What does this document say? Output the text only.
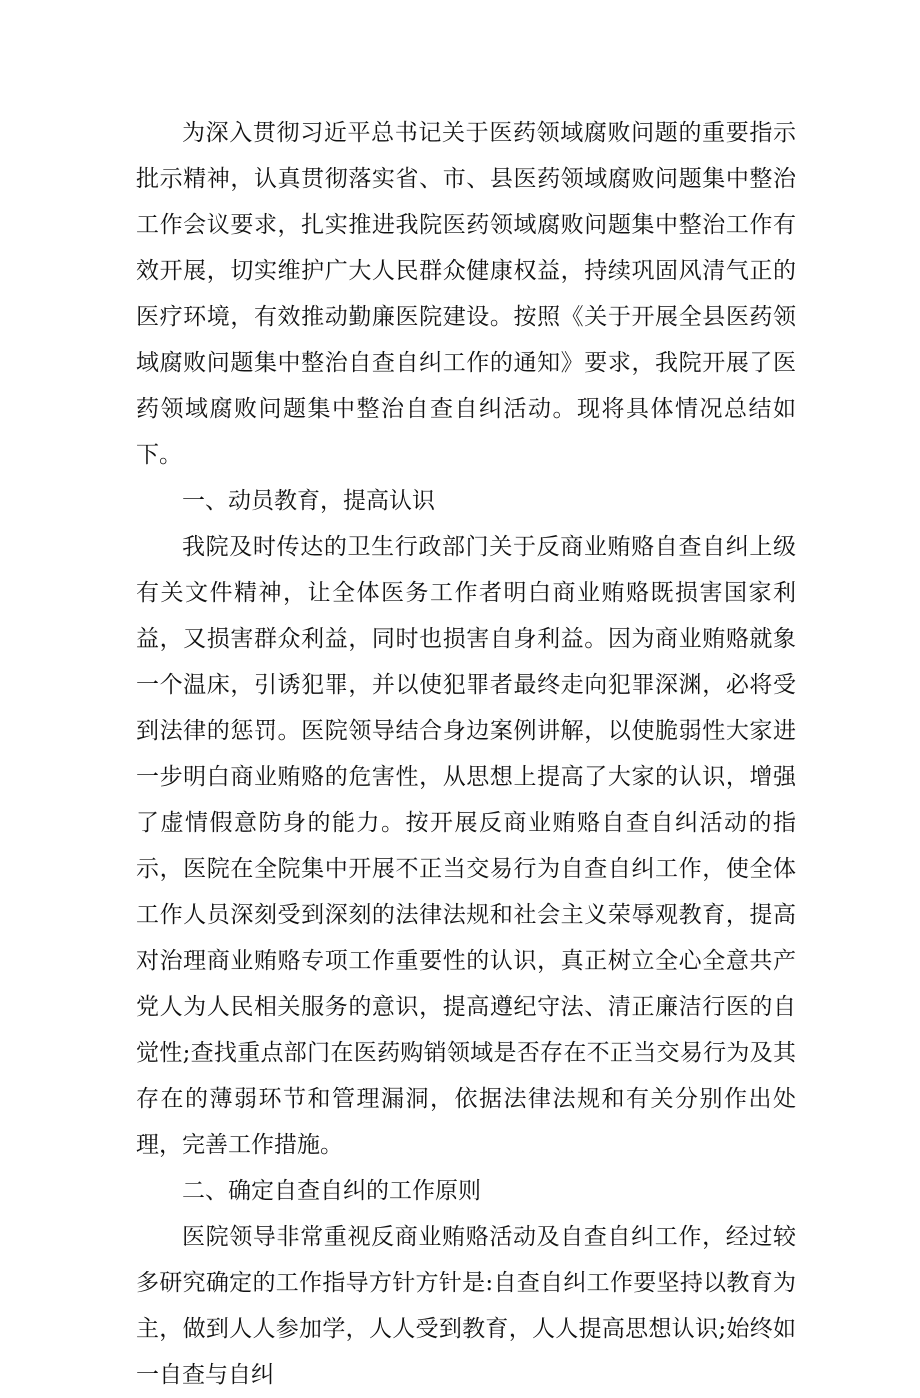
为深入贯彻习近平总书记关于医药领域腐败问题的重要指示批示精神，认真贯彻落实省、市、县医药领域腐败问题集中整治工作会议要求，扎实推进我院医药领域腐败问题集中整治工作有效开展，切实维护广大人民群众健康权益，持续巩固风清气正的医疗环境，有效推动勤廉医院建设。按照《关于开展全县医药领域腐败问题集中整治自查自纠工作的通知》要求，我院开展了医药领域腐败问题集中整治自查自纠活动。现将具体情况总结如下。

一、动员教育，提高认识

我院及时传达的卫生行政部门关于反商业贿赂自查自纠上级有关文件精神，让全体医务工作者明白商业贿赂既损害国家利益，又损害群众利益，同时也损害自身利益。因为商业贿赂就象一个温床，引诱犯罪，并以使犯罪者最终走向犯罪深渊，必将受到法律的惩罚。医院领导结合身边案例讲解，以使脆弱性大家进一步明白商业贿赂的危害性，从思想上提高了大家的认识，增强了虚情假意防身的能力。按开展反商业贿赂自查自纠活动的指示，医院在全院集中开展不正当交易行为自查自纠工作，使全体工作人员深刻受到深刻的法律法规和社会主义荣辱观教育，提高对治理商业贿赂专项工作重要性的认识，真正树立全心全意共产党人为人民相关服务的意识，提高遵纪守法、清正廉洁行医的自觉性;查找重点部门在医药购销领域是否存在不正当交易行为及其存在的薄弱环节和管理漏洞，依据法律法规和有关分别作出处理，完善工作措施。

二、确定自查自纠的工作原则

医院领导非常重视反商业贿赂活动及自查自纠工作，经过较多研究确定的工作指导方针方针是:自查自纠工作要坚持以教育为主，做到人人参加学，人人受到教育，人人提高思想认识;始终如一自查与自纠
